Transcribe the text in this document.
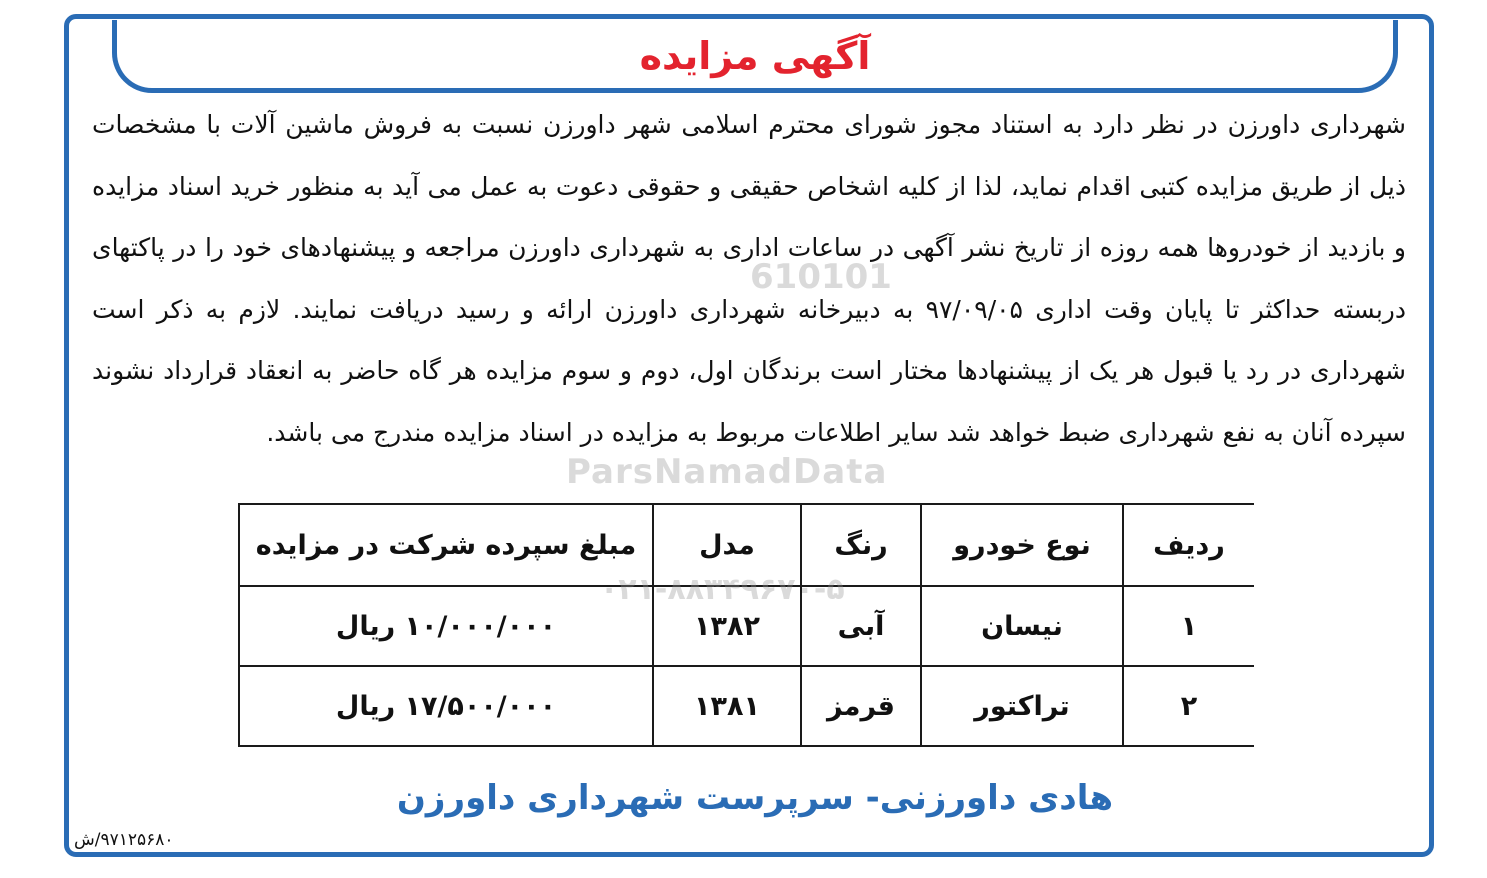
آگهی مزایده
610101

شهرداری داورزن در نظر دارد به استناد مجوز شورای محترم اسلامی شهر داورزن نسبت به فروش ماشین آلات با مشخصات ذیل از طریق مزایده کتبی اقدام نماید، لذا از کلیه اشخاص حقیقی و حقوقی دعوت به عمل می آید به منظور خرید اسناد مزایده و بازدید از خودروها همه روزه از تاریخ نشر آگهی در ساعات اداری به شهرداری داورزن مراجعه و پیشنهادهای خود را در پاکتهای دربسته حداکثر تا پایان وقت اداری ۹۷/۰۹/۰۵ به دبیرخانه شهرداری داورزن ارائه و رسید دریافت نمایند. لازم به ذکر است شهرداری در رد یا قبول هر یک از پیشنهادها مختار است برندگان اول، دوم و سوم مزایده هر گاه حاضر به انعقاد قرارداد نشوند سپرده آنان به نفع شهرداری ضبط خواهد شد سایر اطلاعات مربوط به مزایده در اسناد مزایده مندرج می باشد.

ParsNamadData
ردیف	نوع خودرو	رنگ	مدل	مبلغ سپرده شرکت در مزایده
۱	نیسان	آبی	۱۳۸۲	۱۰/۰۰۰/۰۰۰ ریال
۲	تراکتور	قرمز	۱۳۸۱	۱۷/۵۰۰/۰۰۰ ریال
۰۲۱-۸۸۳۴۹۶۷۰-۵
هادی داورزنی- سرپرست شهرداری داورزن
۹۷۱۲۵۶۸۰/ش
